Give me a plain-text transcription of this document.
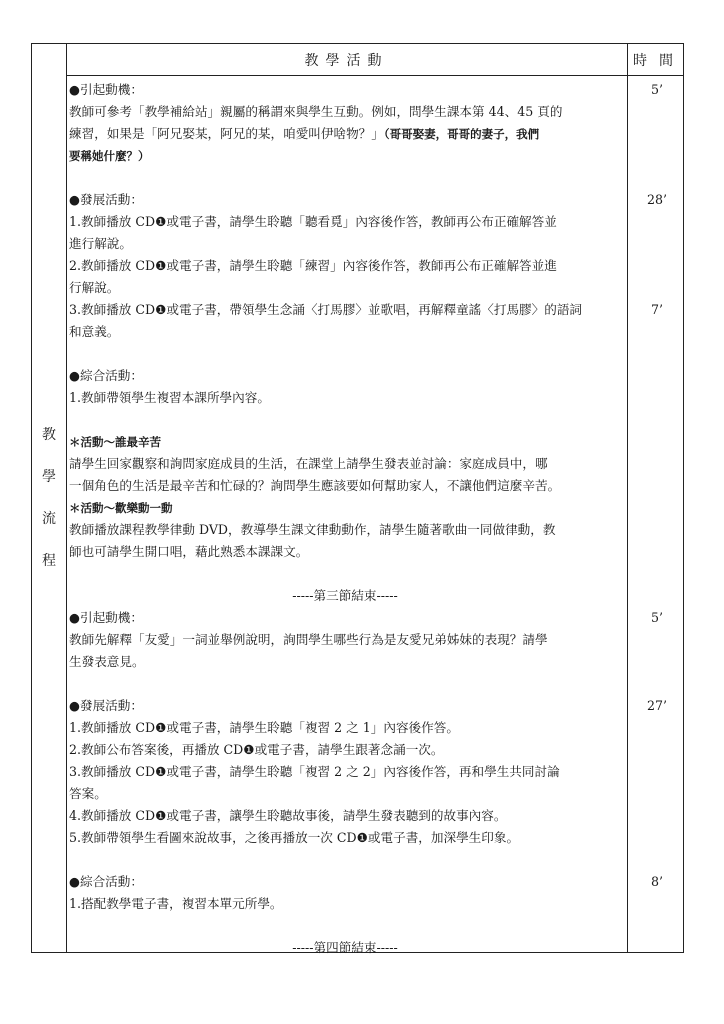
教學活動	時間
教
學
流
程

●引起動機：

教師可參考「教學補給站」親屬的稱謂來與學生互動。例如，問學生課本第 44、45 頁的

練習，如果是「阿兄娶某，阿兄的某，咱愛叫伊啥物？」（哥哥娶妻，哥哥的妻子，我們

要稱她什麼？）

●發展活動：

1.教師播放 CD❶或電子書，請學生聆聽「聽看覓」內容後作答，教師再公布正確解答並

進行解說。

2.教師播放 CD❶或電子書，請學生聆聽「練習」內容後作答，教師再公布正確解答並進

行解說。

3.教師播放 CD❶或電子書，帶領學生念誦〈打馬膠〉並歌唱，再解釋童謠〈打馬膠〉的語詞

和意義。

●綜合活動：

1.教師帶領學生複習本課所學內容。

＊活動～誰最辛苦

請學生回家觀察和詢問家庭成員的生活，在課堂上請學生發表並討論：家庭成員中，哪

一個角色的生活是最辛苦和忙碌的？詢問學生應該要如何幫助家人，不讓他們這麼辛苦。

＊活動～歡樂動一動

教師播放課程教學律動 DVD，教導學生課文律動動作，請學生隨著歌曲一同做律動，教

師也可請學生開口唱，藉此熟悉本課課文。

-----第三節結束-----

●引起動機：

教師先解釋「友愛」一詞並舉例說明，詢問學生哪些行為是友愛兄弟姊妹的表現？請學

生發表意見。

●發展活動：

1.教師播放 CD❶或電子書，請學生聆聽「複習 2 之 1」內容後作答。

2.教師公布答案後，再播放 CD❶或電子書，請學生跟著念誦一次。

3.教師播放 CD❶或電子書，請學生聆聽「複習 2 之 2」內容後作答，再和學生共同討論

答案。

4.教師播放 CD❶或電子書，讓學生聆聽故事後，請學生發表聽到的故事內容。

5.教師帶領學生看圖來說故事，之後再播放一次 CD❶或電子書，加深學生印象。

●綜合活動：

1.搭配教學電子書，複習本單元所學。

-----第四節結束-----

5’
28’
7’
5’
27’
8’
